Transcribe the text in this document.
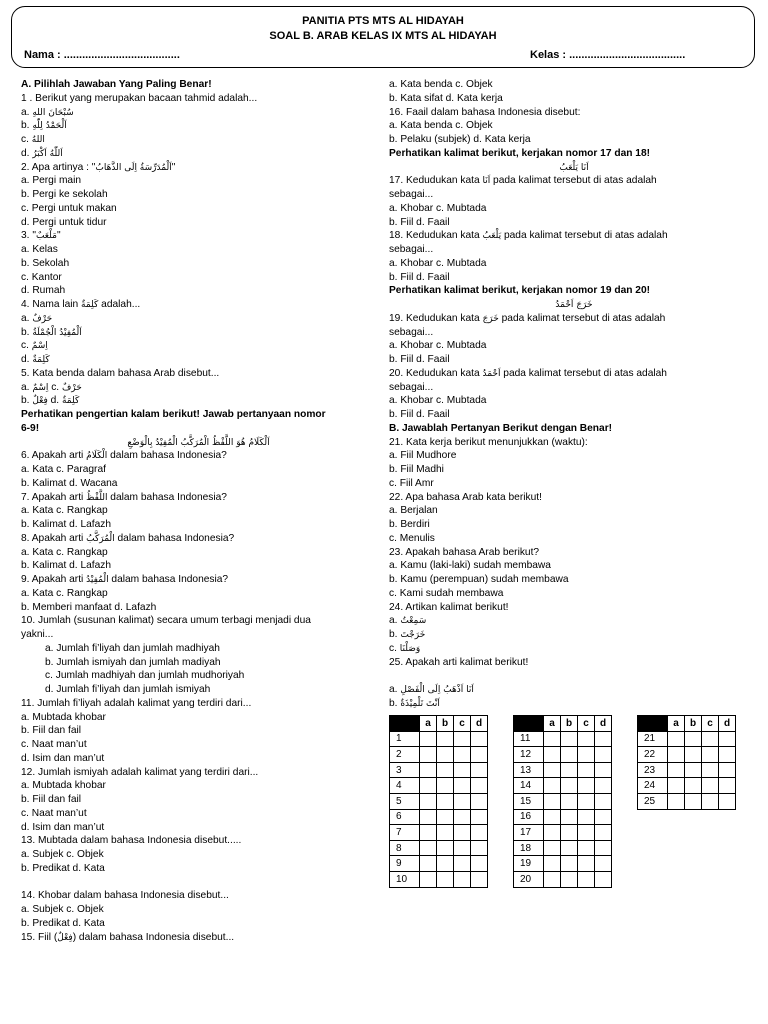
PANITIA PTS MTS AL HIDAYAH
SOAL B. ARAB KELAS IX MTS AL HIDAYAH
Nama : ......................................	Kelas : ......................................
A. Pilihlah Jawaban Yang Paling Benar!
1 . Berikut yang merupakan bacaan tahmid adalah...
a. سُبْحَانَ اللهِ
b. اَلْحَمْدُ لِلّٰهِ
c. اللهُ
d. اَللّٰهُ اَكْبَرُ
2. Apa artinya : "اَلْمُدَرِّسَةُ اِلَى الذَّهَابُ"
a. Pergi main
b. Pergi ke sekolah
c. Pergi untuk makan
d. Pergi untuk tidur
3. "مَلْعَبٌ"
a. Kelas
b. Sekolah
c. Kantor
d. Rumah
4. Nama lain كَلِمَةٌ adalah...
a. حَرْفٌ
b. اَلْمُفِيْدُ الْجُمْلَةُ
c. اِسْمٌ
d. كَلِمَةٌ
5. Kata benda dalam bahasa Arab disebut...
a. اِسْمٌ c. حَرْفٌ
b. فِعْلٌ d. كَلِمَةٌ
Perhatikan pengertian kalam berikut! Jawab pertanyaan nomor
6-9!
اَلْكَلَامُ هُوَ اللَّفْظُ الْمُرَكَّبُ الْمُفِيْدُ بِالْوَضْعِ
6. Apakah arti الْكَلَامُ dalam bahasa Indonesia?
a. Kata c. Paragraf
b. Kalimat d. Wacana
7. Apakah arti اللَّفْظُ dalam bahasa Indonesia?
a. Kata c. Rangkap
b. Kalimat d. Lafazh
8. Apakah arti الْمُرَكَّبُ dalam bahasa Indonesia?
a. Kata c. Rangkap
b. Kalimat d. Lafazh
9. Apakah arti الْمُفِيْدُ dalam bahasa Indonesia?
a. Kata c. Rangkap
b. Memberi manfaat d. Lafazh
10. Jumlah (susunan kalimat) secara umum terbagi menjadi dua
yakni...
a. Jumlah fi’liyah dan jumlah madhiyah
b. Jumlah ismiyah dan jumlah madiyah
c. Jumlah madhiyah dan jumlah mudhoriyah
d. Jumlah fi’liyah dan jumlah ismiyah
11. Jumlah fi’liyah adalah kalimat yang terdiri dari...
a. Mubtada khobar
b. Fiil dan fail
c. Naat man’ut
d. Isim dan man’ut
12. Jumlah ismiyah adalah kalimat yang terdiri dari...
a. Mubtada khobar
b. Fiil dan fail
c. Naat man’ut
d. Isim dan man’ut
13. Mubtada dalam bahasa Indonesia disebut.....
a. Subjek c. Objek
b. Predikat d. Kata
14. Khobar dalam bahasa Indonesia disebut...
a. Subjek c. Objek
b. Predikat d. Kata
15. Fiil (فِعْلٌ) dalam bahasa Indonesia disebut...
a. Kata benda c. Objek
b. Kata sifat d. Kata kerja
16. Faail dalam bahasa Indonesia disebut:
a. Kata benda c. Objek
b. Pelaku (subjek) d. Kata kerja
Perhatikan kalimat berikut, kerjakan nomor 17 dan 18!
اَنَا يَلْعَبُ
17. Kedudukan kata اَنَا pada kalimat tersebut di atas adalah
sebagai...
a. Khobar c. Mubtada
b. Fiil d. Faail
18. Kedudukan kata يَلْعَبُ pada kalimat tersebut di atas adalah
sebagai...
a. Khobar c. Mubtada
b. Fiil d. Faail
Perhatikan kalimat berikut, kerjakan nomor 19 dan 20!
خَرَجَ اَحْمَدُ
19. Kedudukan kata خَرَجَ pada kalimat tersebut di atas adalah
sebagai...
a. Khobar c. Mubtada
b. Fiil d. Faail
20. Kedudukan kata اَحْمَدُ pada kalimat tersebut di atas adalah
sebagai...
a. Khobar c. Mubtada
b. Fiil d. Faail
B. Jawablah Pertanyan Berikut dengan Benar!
21. Kata kerja berikut menunjukkan (waktu):
a. Fiil Mudhore
b. Fiil Madhi
c. Fiil Amr
22. Apa bahasa Arab kata berikut!
a. Berjalan
b. Berdiri
c. Menulis
23. Apakah bahasa Arab berikut?
a. Kamu (laki-laki) sudah membawa
b. Kamu (perempuan) sudah membawa
c. Kami sudah membawa
24. Artikan kalimat berikut!
a. سَمِعْتُ
b. خَرَجْتَ
c. وَصَلْنَا
25. Apakah arti kalimat berikut!
a. اَنَا اَذْهَبُ اِلَى الْفَصْلِ
b. اَنْتَ تَلْمِيْذَةٌ
	a	b	c	d
1				
2				
3				
4				
5				
6				
7				
8				
9				
10				
	a	b	c	d
11				
12				
13				
14				
15				
16				
17				
18				
19				
20				
	a	b	c	d
21				
22				
23				
24				
25				
